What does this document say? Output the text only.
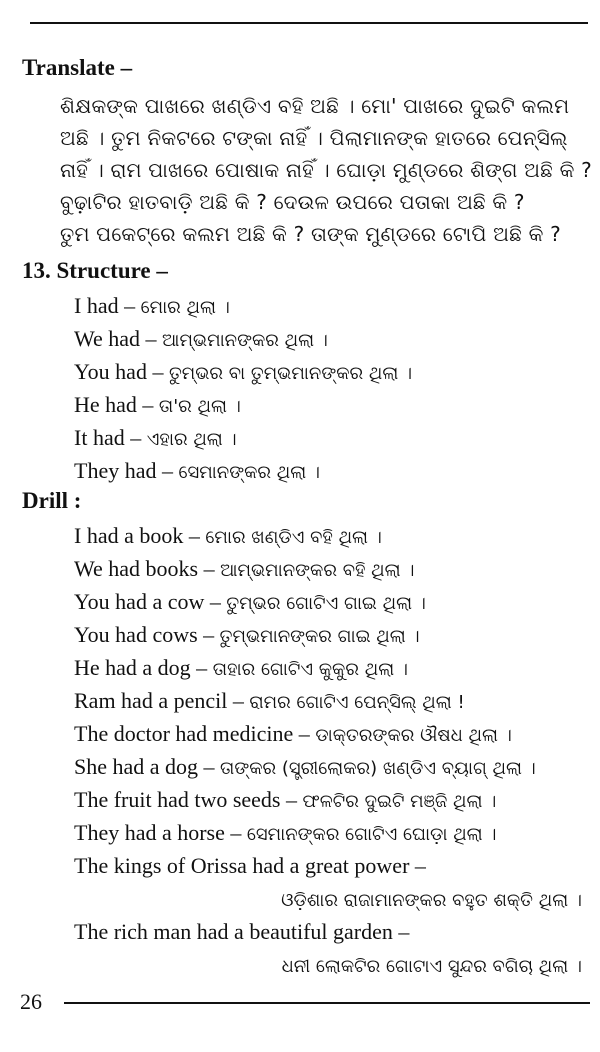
Translate –
ଶିକ୍ଷକଙ୍କ ପାଖରେ ଖଣ୍ଡିଏ ବହି ଅଛି । ମୋ' ପାଖରେ ଦୁଇଟି କଲମ
ଅଛି । ତୁମ ନିକଟରେ ଟଙ୍କା ନାହିଁ । ପିଲାମାନଙ୍କ ହାତରେ ପେନ୍‌ସିଲ୍
ନାହିଁ । ରାମ ପାଖରେ ପୋଷାକ ନାହିଁ । ଘୋଡ଼ା ମୁଣ୍ଡରେ ଶିଙ୍ଗ ଅଛି କି ?
ବୁଢ଼ାଟିର ହାତବାଡ଼ି ଅଛି କି ? ଦେଉଳ ଉପରେ ପତାକା ଅଛି କି ?
ତୁମ ପକେଟ୍‌ରେ କଲମ ଅଛି କି ? ତାଙ୍କ ମୁଣ୍ଡରେ ଟୋପି ଅଛି କି ?
13. Structure –
I had – ମୋର ଥିଲା ।
We had – ଆମ୍ଭମାନଙ୍କର ଥିଲା ।
You had – ତୁମ୍ଭର ବା ତୁମ୍ଭମାନଙ୍କର ଥିଲା ।
He had – ତା'ର ଥିଲା ।
It had – ଏହାର ଥିଲା ।
They had – ସେମାନଙ୍କର ଥିଲା ।
Drill :
I had a book – ମୋର ଖଣ୍ଡିଏ ବହି ଥିଲା ।
We had books – ଆମ୍ଭମାନଙ୍କର ବହି ଥିଲା ।
You had a cow – ତୁମ୍ଭର ଗୋଟିଏ ଗାଇ ଥିଲା ।
You had cows – ତୁମ୍ଭମାନଙ୍କର ଗାଇ ଥିଲା ।
He had a dog – ତାହାର ଗୋଟିଏ କୁକୁର ଥିଲା ।
Ram had a pencil – ରାମର ଗୋଟିଏ ପେନ୍‌ସିଲ୍ ଥିଲା !
The doctor had medicine – ଡାକ୍ତରଙ୍କର ଔଷଧ ଥିଲା ।
She had a dog – ତାଙ୍କର (ସ୍ତ୍ରୀଲୋକର) ଖଣ୍ଡିଏ ବ୍ୟାଗ୍ ଥିଲା ।
The fruit had two seeds – ଫଳଟିର ଦୁଇଟି ମଞ୍ଜି ଥିଲା ।
They had a horse – ସେମାନଙ୍କର ଗୋଟିଏ ଘୋଡ଼ା ଥିଲା ।
The kings of Orissa had a great power –
ଓଡ଼ିଶାର ରାଜାମାନଙ୍କର ବହୁତ ଶକ୍ତି ଥିଲା ।
The rich man had a beautiful garden –
ଧନୀ ଲୋକଟିର ଗୋଟାଏ ସୁନ୍ଦର ବଗିଚା ଥିଲା ।
26
